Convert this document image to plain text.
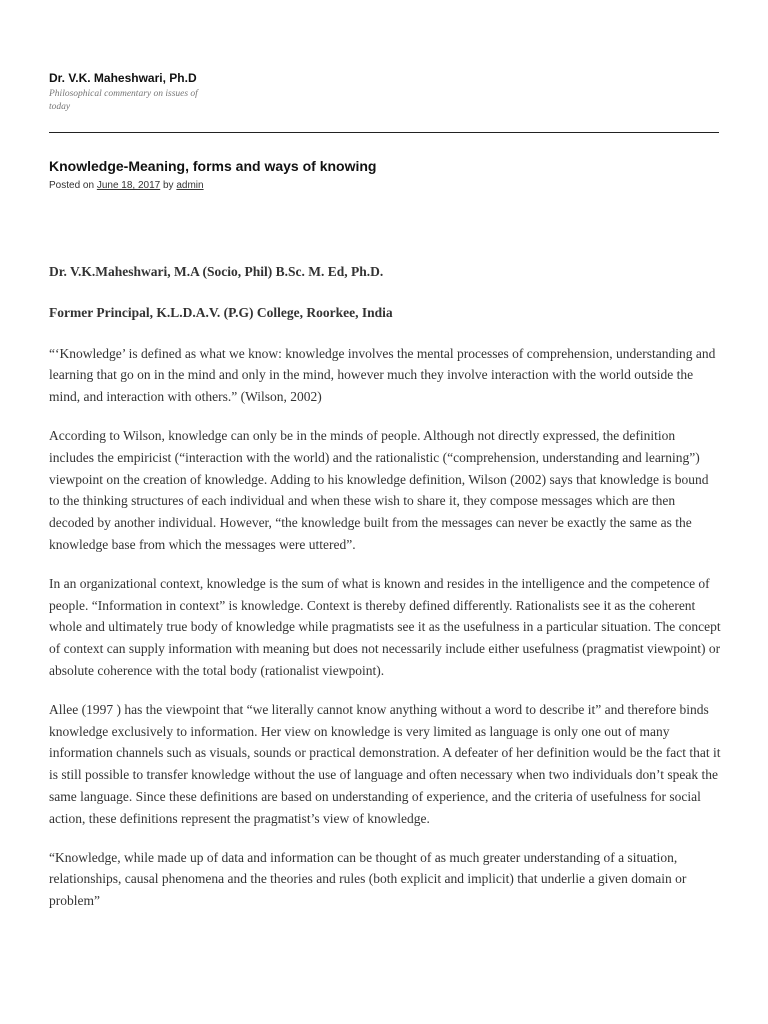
Dr. V.K. Maheshwari, Ph.D
Philosophical commentary on issues of today
Knowledge-Meaning, forms and ways of knowing
Posted on June 18, 2017 by admin

Dr. V.K.Maheshwari, M.A (Socio, Phil) B.Sc. M. Ed, Ph.D.

Former Principal, K.L.D.A.V. (P.G) College, Roorkee, India

“‘Knowledge’ is defined as what we know: knowledge involves the mental processes of comprehension, understanding and learning that go on in the mind and only in the mind, however much they involve interaction with the world outside the mind, and interaction with others.” (Wilson, 2002)

According to Wilson, knowledge can only be in the minds of people. Although not directly expressed, the definition includes the empiricist (“interaction with the world) and the rationalistic (“comprehension, understanding and learning”) viewpoint on the creation of knowledge. Adding to his knowledge definition, Wilson (2002) says that knowledge is bound to the thinking structures of each individual and when these wish to share it, they compose messages which are then decoded by another individual. However, “the knowledge built from the messages can never be exactly the same as the knowledge base from which the messages were uttered”.

In an organizational context, knowledge is the sum of what is known and resides in the intelligence and the competence of people. “Information in context” is knowledge. Context is thereby defined differently. Rationalists see it as the coherent whole and ultimately true body of knowledge while pragmatists see it as the usefulness in a particular situation. The concept of context can supply information with meaning but does not necessarily include either usefulness (pragmatist viewpoint) or absolute coherence with the total body (rationalist viewpoint).

Allee (1997 ) has the viewpoint that “we literally cannot know anything without a word to describe it” and therefore binds knowledge exclusively to information. Her view on knowledge is very limited as language is only one out of many information channels such as visuals, sounds or practical demonstration. A defeater of her definition would be the fact that it is still possible to transfer knowledge without the use of language and often necessary when two individuals don’t speak the same language. Since these definitions are based on understanding of experience, and the criteria of usefulness for social action, these definitions represent the pragmatist’s view of knowledge.

“Knowledge, while made up of data and information can be thought of as much greater understanding of a situation, relationships, causal phenomena and the theories and rules (both explicit and implicit) that underlie a given domain or problem”
